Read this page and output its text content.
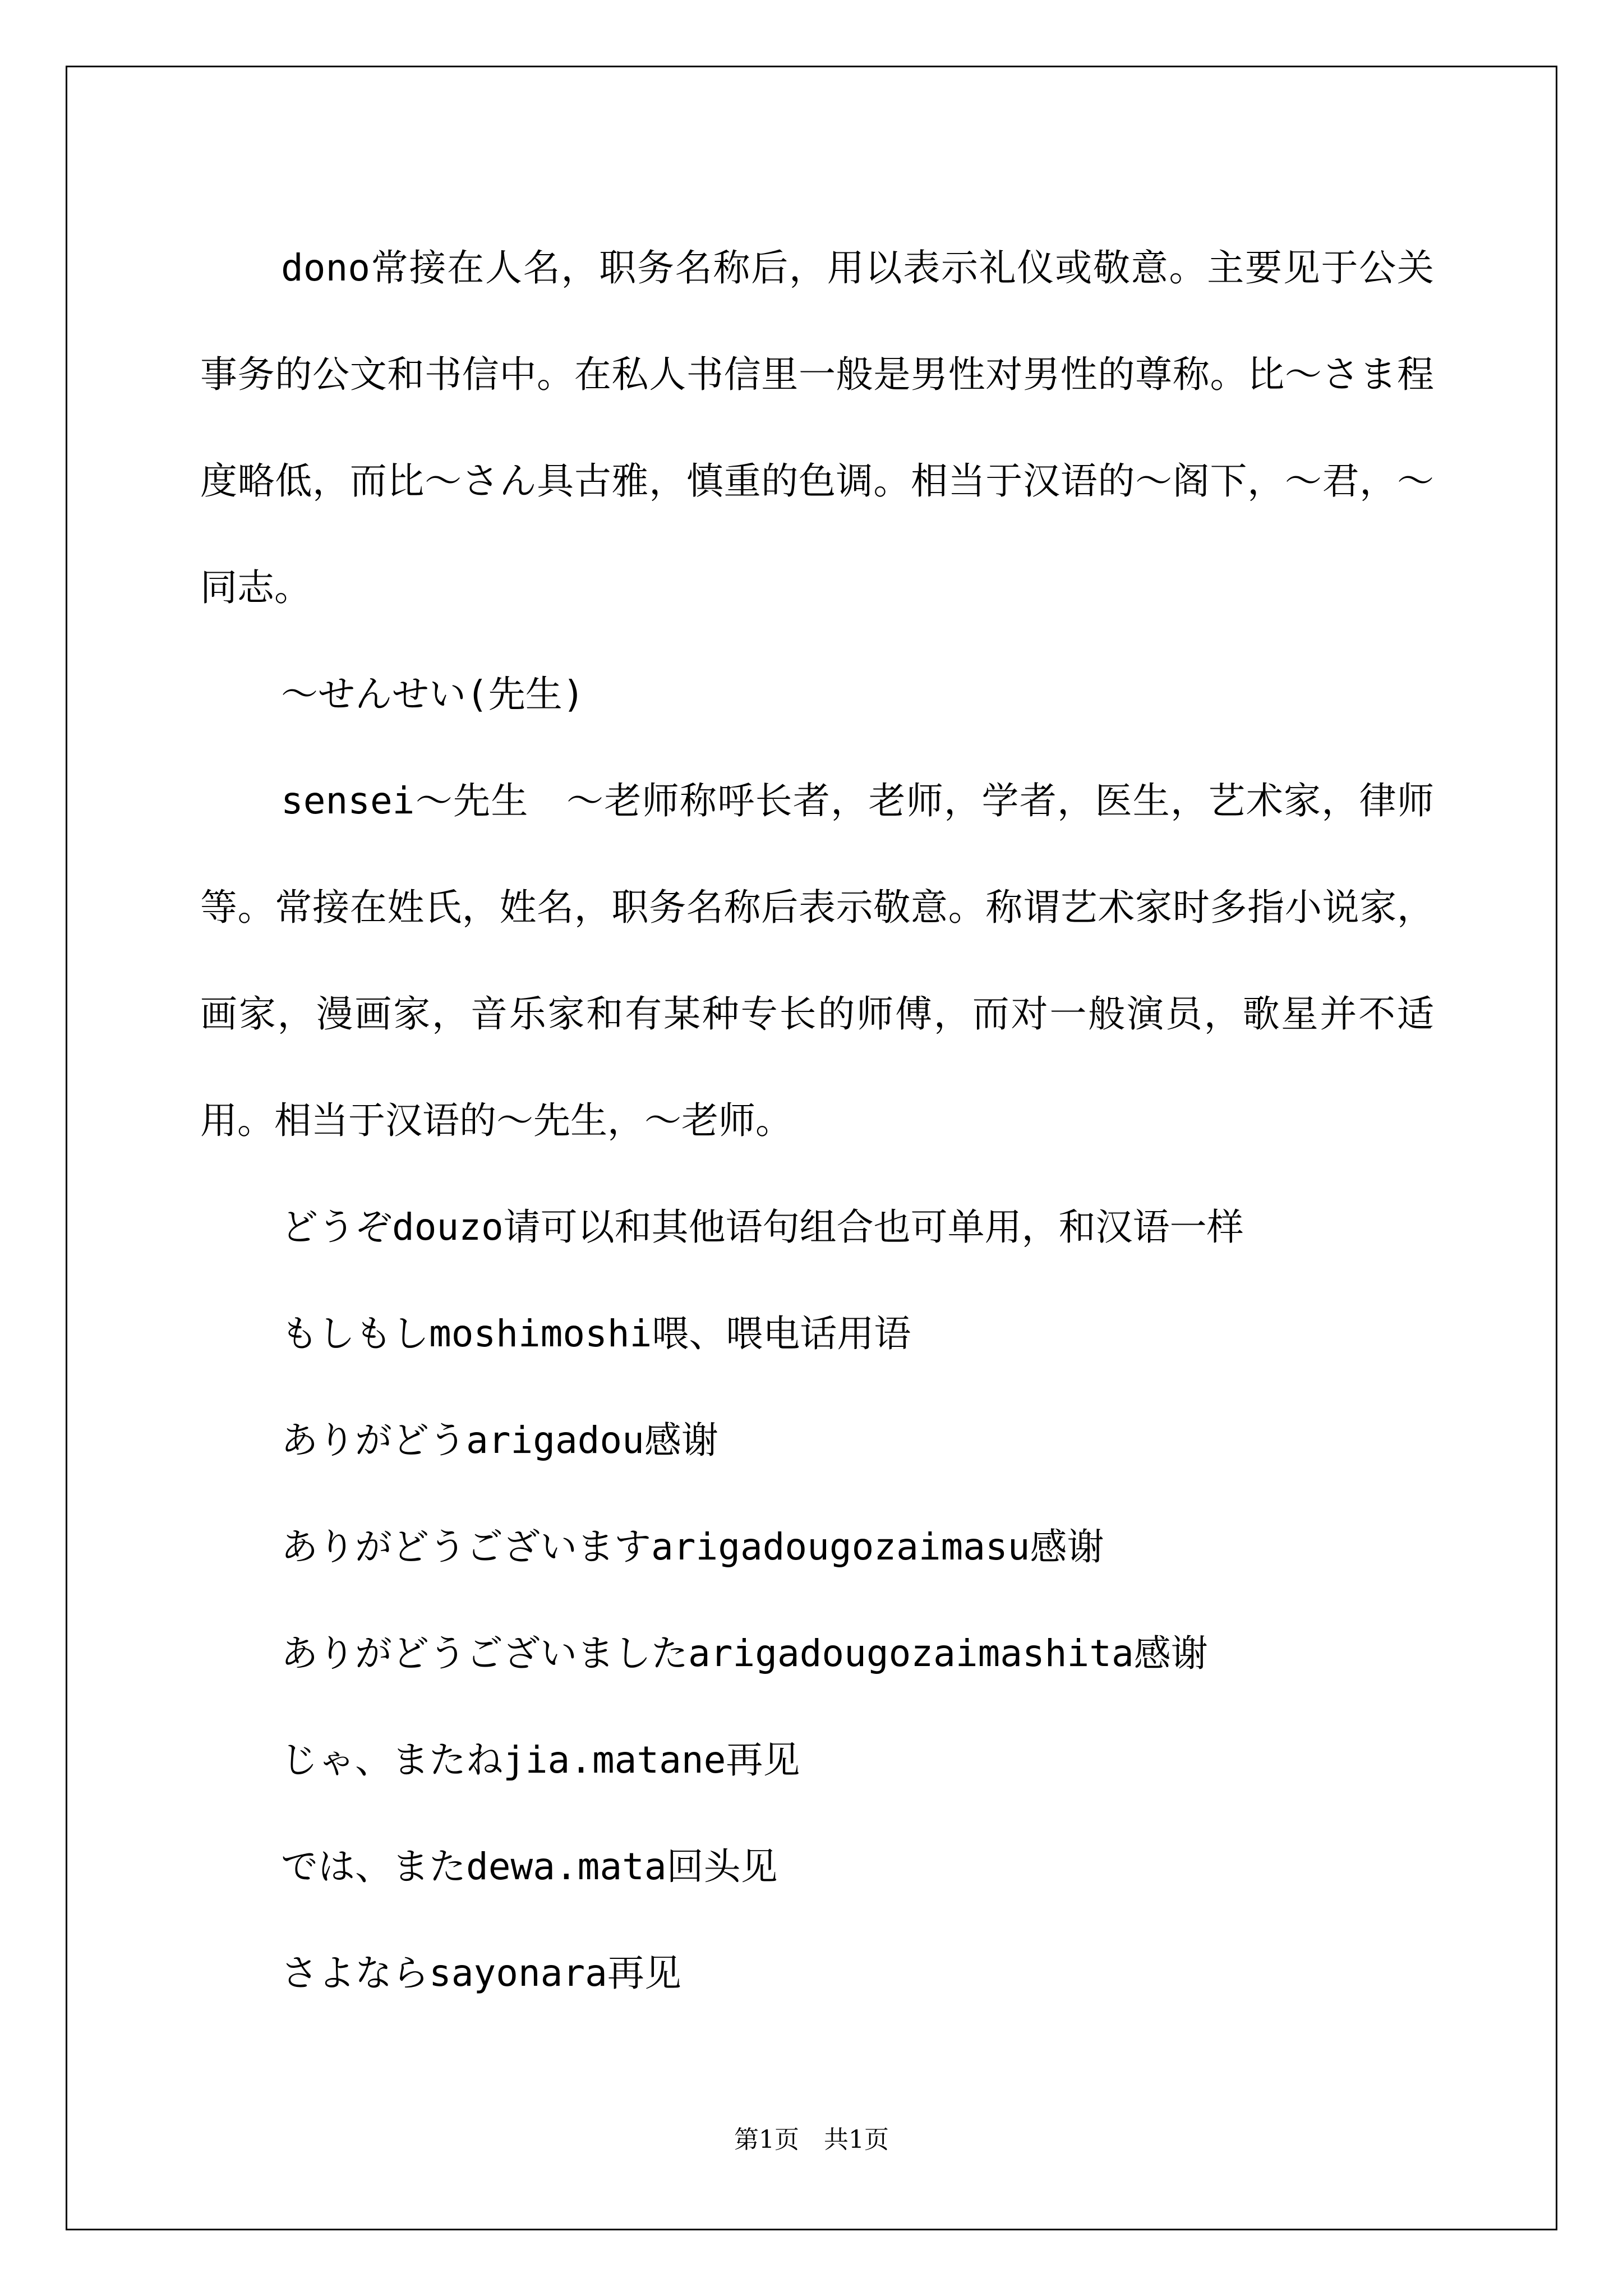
dono常接在人名，职务名称后，用以表示礼仪或敬意。主要见于公关事务的公文和书信中。在私人书信里一般是男性对男性的尊称。比～さま程度略低，而比～さん具古雅，慎重的色调。相当于汉语的～阁下，～君，～同志。

～せんせい(先生)

sensei～先生　～老师称呼长者，老师，学者，医生，艺术家，律师等。常接在姓氏，姓名，职务名称后表示敬意。称谓艺术家时多指小说家，画家，漫画家，音乐家和有某种专长的师傅，而对一般演员，歌星并不适用。相当于汉语的～先生，～老师。

どうぞdouzo请可以和其他语句组合也可单用，和汉语一样

もしもしmoshimoshi喂、喂电话用语

ありがどうarigadou感谢

ありがどうございますarigadougozaimasu感谢

ありがどうございましたarigadougozaimashita感谢

じゃ、またねjia.matane再见

では、またdewa.mata回头见

さよならsayonara再见

第1页　共1页
